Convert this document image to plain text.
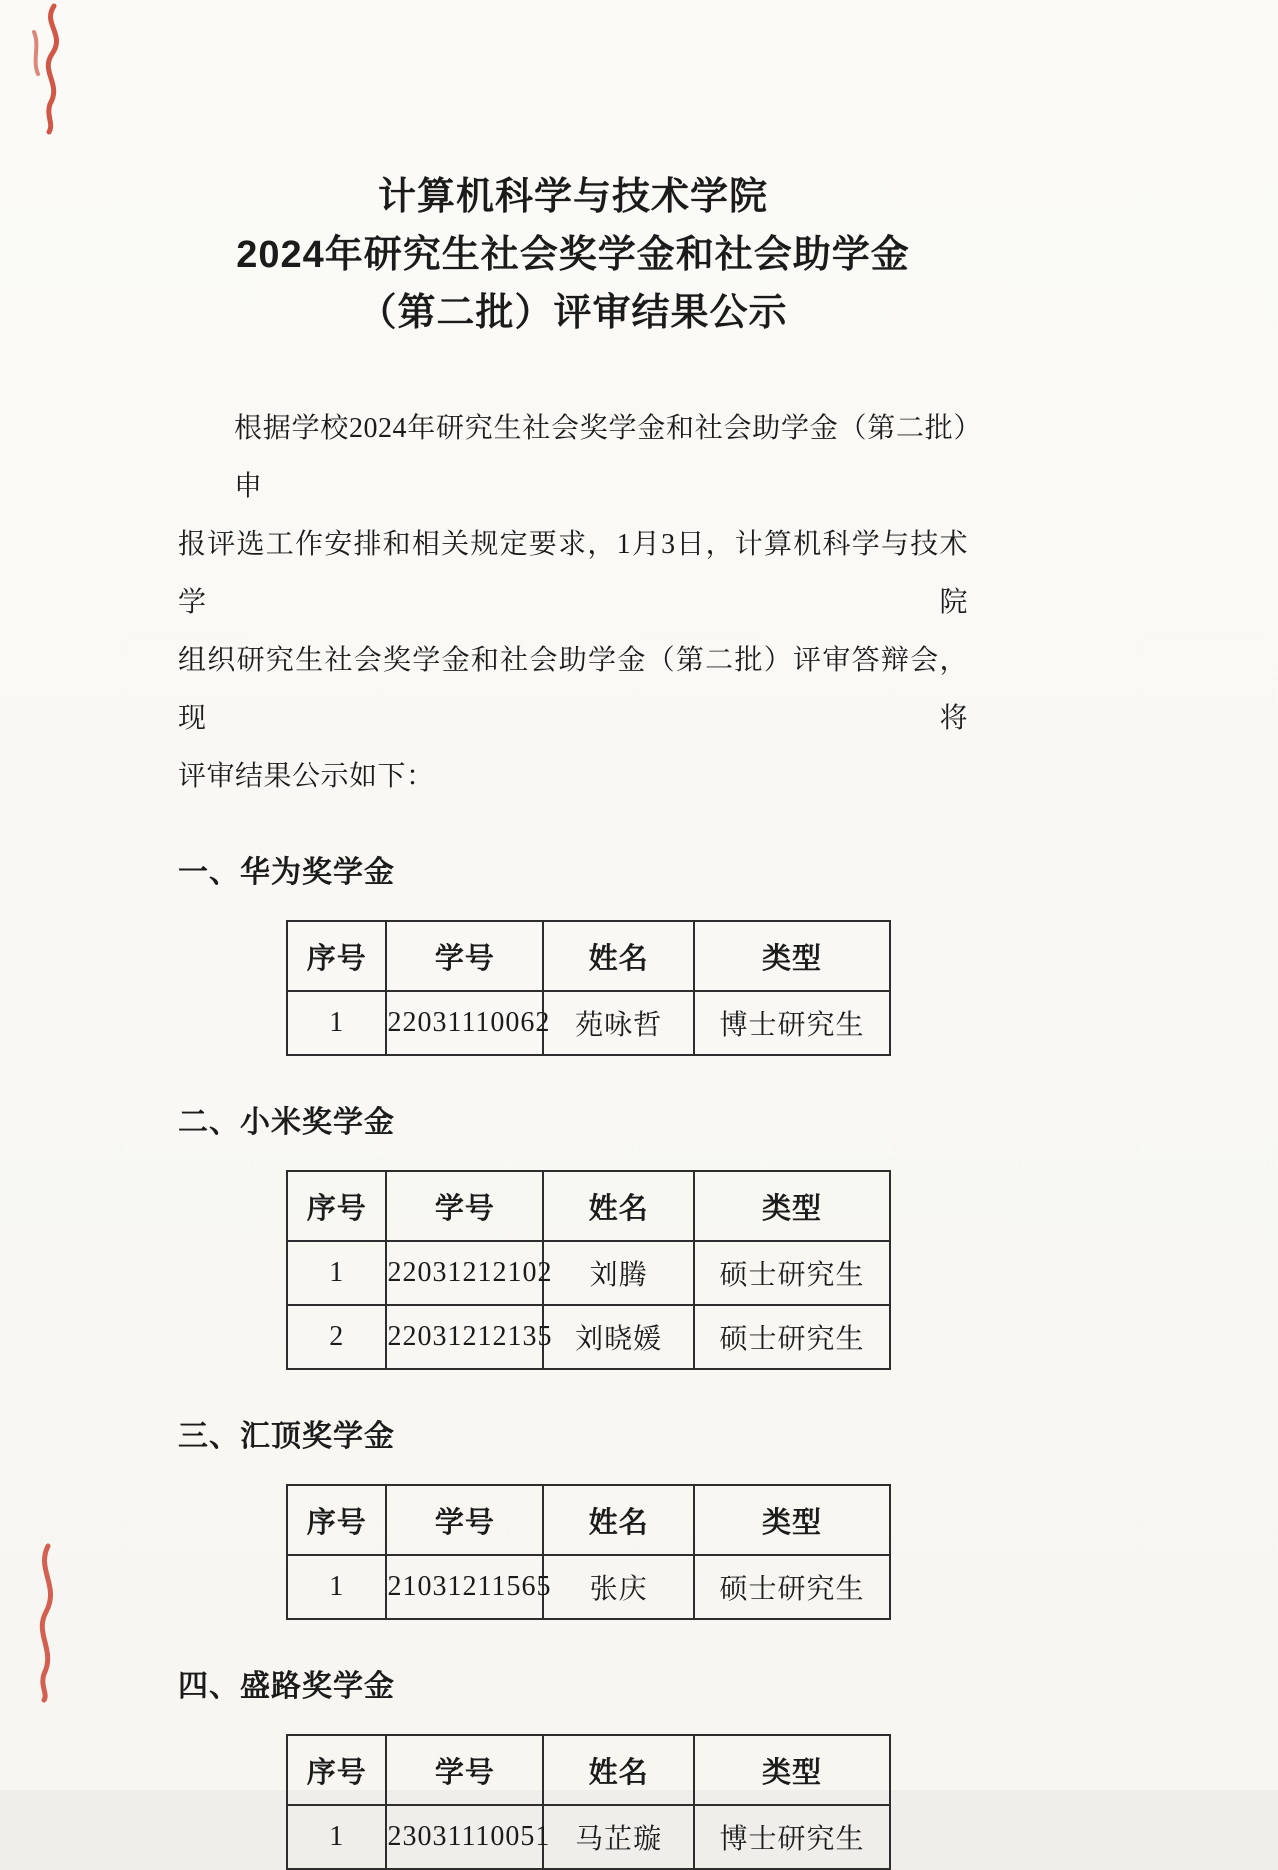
计算机科学与技术学院
2024年研究生社会奖学金和社会助学金
（第二批）评审结果公示
根据学校2024年研究生社会奖学金和社会助学金（第二批）申
报评选工作安排和相关规定要求，1月3日，计算机科学与技术学院
组织研究生社会奖学金和社会助学金（第二批）评审答辩会，现将
评审结果公示如下：
一、华为奖学金
序号	学号	姓名	类型
1	22031110062	苑咏哲	博士研究生
二、小米奖学金
序号	学号	姓名	类型
1	22031212102	刘腾	硕士研究生
2	22031212135	刘晓媛	硕士研究生
三、汇顶奖学金
序号	学号	姓名	类型
1	21031211565	张庆	硕士研究生
四、盛路奖学金
序号	学号	姓名	类型
1	23031110051	马芷璇	博士研究生
